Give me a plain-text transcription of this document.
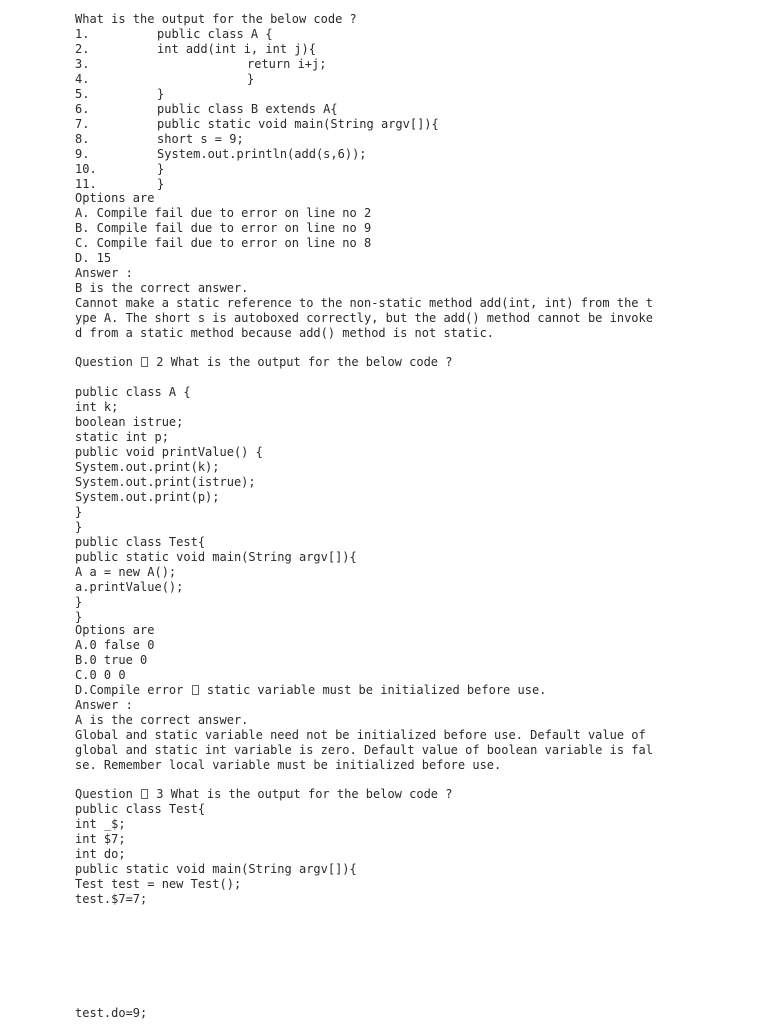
What is the output for the below code ?
1.	public class A {
2.	int add(int i, int j){
3.	return i+j;
4.	}
5.	}
6.	public class B extends A{
7.	public static void main(String argv[]){
8.	short s = 9;
9.	System.out.println(add(s,6));
10.	}
11.	}
Options are
A. Compile fail due to error on line no 2
B. Compile fail due to error on line no 9
C. Compile fail due to error on line no 8
D. 15
Answer :
B is the correct answer.
Cannot make a static reference to the non-static method add(int, int) from the t
ype A. The short s is autoboxed correctly, but the add() method cannot be invoke
d from a static method because add() method is not static.
Question 2 What is the output for the below code ?
public class A {
int k;
boolean istrue;
static int p;
public void printValue() {
System.out.print(k);
System.out.print(istrue);
System.out.print(p);
}
}
public class Test{
public static void main(String argv[]){
A a = new A();
a.printValue();
}
}
Options are
A.0 false 0
B.0 true 0
C.0 0 0
D.Compile error static variable must be initialized before use.
Answer :
A is the correct answer.
Global and static variable need not be initialized before use. Default value of
global and static int variable is zero. Default value of boolean variable is fal
se. Remember local variable must be initialized before use.
Question 3 What is the output for the below code ?
public class Test{
int _$;
int $7;
int do;
public static void main(String argv[]){
Test test = new Test();
test.$7=7;
test.do=9;
